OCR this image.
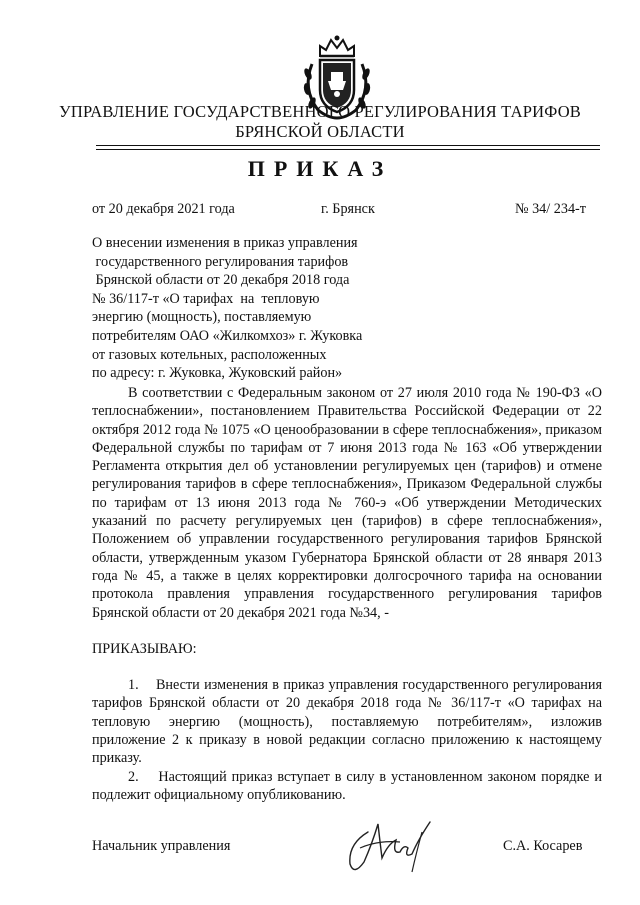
УПРАВЛЕНИЕ ГОСУДАРСТВЕННОГО РЕГУЛИРОВАНИЯ ТАРИФОВ
БРЯНСКОЙ ОБЛАСТИ
ПРИКАЗ
от 20 декабря 2021 года	г. Брянск	№ 34/ 234-т
О внесении изменения в приказ управления
государственного регулирования тарифов
Брянской области от 20 декабря 2018 года
№ 36/117-т «О тарифах  на  тепловую
энергию (мощность), поставляемую
потребителям ОАО «Жилкомхоз» г. Жуковка
от газовых котельных, расположенных
по адресу: г. Жуковка, Жуковский район»
В соответствии с Федеральным законом от 27 июля 2010 года № 190-ФЗ «О теплоснабжении», постановлением Правительства Российской Федерации от 22 октября 2012 года № 1075 «О ценообразовании в сфере теплоснабжения», приказом Федеральной службы по тарифам от 7 июня 2013 года № 163 «Об утверждении Регламента открытия дел об установлении регулируемых цен (тарифов) и отмене регулирования тарифов в сфере теплоснабжения», Приказом Федеральной службы по тарифам от 13 июня 2013 года № 760-э «Об утверждении Методических указаний по расчету регулируемых цен (тарифов) в сфере теплоснабжения», Положением об управлении государственного регулирования тарифов Брянской области, утвержденным указом Губернатора Брянской области от 28 января 2013 года № 45, а также в целях корректировки долгосрочного тарифа на основании протокола правления управления государственного регулирования тарифов Брянской области от 20 декабря 2021 года №34, -
ПРИКАЗЫВАЮ:
1.    Внести изменения в приказ управления государственного регулирования тарифов Брянской области от 20 декабря 2018 года № 36/117-т «О тарифах на тепловую энергию (мощность), поставляемую потребителям», изложив приложение 2 к приказу в новой редакции согласно приложению к настоящему приказу.
2.    Настоящий приказ вступает в силу в установленном законом порядке и подлежит официальному опубликованию.
Начальник управления	С.А. Косарев
